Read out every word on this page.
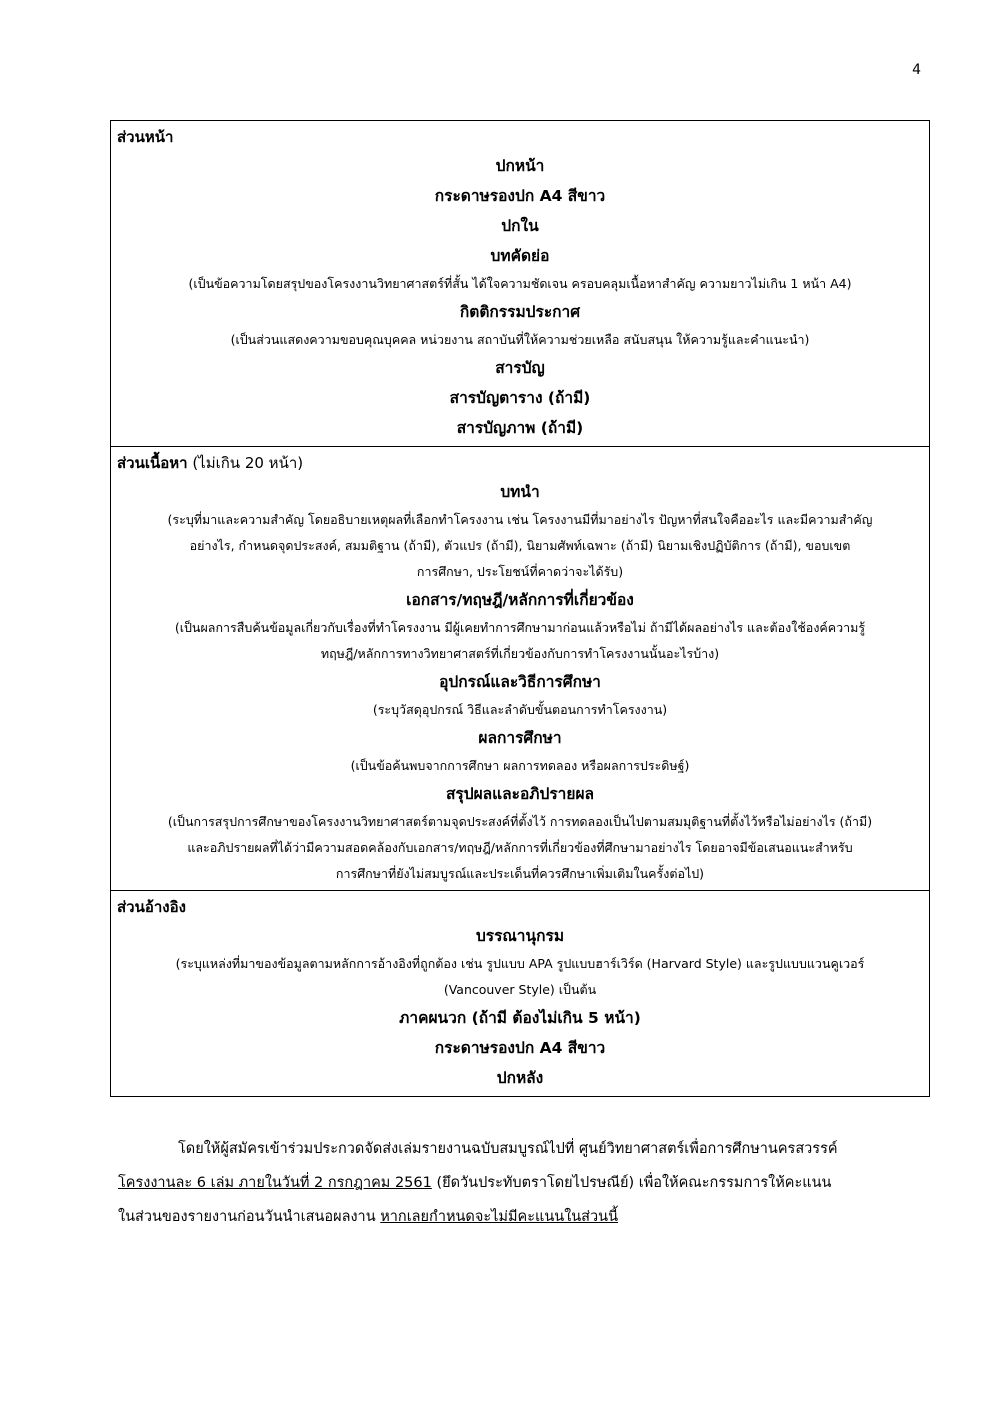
4
ส่วนหน้า
ปกหน้า
กระดาษรองปก A4 สีขาว
ปกใน
บทคัดย่อ
(เป็นข้อความโดยสรุปของโครงงานวิทยาศาสตร์ที่สั้น ได้ใจความชัดเจน ครอบคลุมเนื้อหาสำคัญ ความยาวไม่เกิน 1 หน้า A4)
กิตติกรรมประกาศ
(เป็นส่วนแสดงความขอบคุณบุคคล หน่วยงาน สถาบันที่ให้ความช่วยเหลือ สนับสนุน ให้ความรู้และคำแนะนำ)
สารบัญ
สารบัญตาราง (ถ้ามี)
สารบัญภาพ (ถ้ามี)
ส่วนเนื้อหา (ไม่เกิน 20 หน้า)
บทนำ
(ระบุที่มาและความสำคัญ โดยอธิบายเหตุผลที่เลือกทำโครงงาน เช่น โครงงานมีที่มาอย่างไร ปัญหาที่สนใจคืออะไร และมีความสำคัญ
อย่างไร, กำหนดจุดประสงค์, สมมติฐาน (ถ้ามี), ตัวแปร (ถ้ามี), นิยามศัพท์เฉพาะ (ถ้ามี) นิยามเชิงปฏิบัติการ (ถ้ามี), ขอบเขต
การศึกษา, ประโยชน์ที่คาดว่าจะได้รับ)
เอกสาร/ทฤษฎี/หลักการที่เกี่ยวข้อง
(เป็นผลการสืบค้นข้อมูลเกี่ยวกับเรื่องที่ทำโครงงาน มีผู้เคยทำการศึกษามาก่อนแล้วหรือไม่ ถ้ามีได้ผลอย่างไร และต้องใช้องค์ความรู้
ทฤษฎี/หลักการทางวิทยาศาสตร์ที่เกี่ยวข้องกับการทำโครงงานนั้นอะไรบ้าง)
อุปกรณ์และวิธีการศึกษา
(ระบุวัสดุอุปกรณ์ วิธีและลำดับขั้นตอนการทำโครงงาน)
ผลการศึกษา
(เป็นข้อค้นพบจากการศึกษา ผลการทดลอง หรือผลการประดิษฐ์)
สรุปผลและอภิปรายผล
(เป็นการสรุปการศึกษาของโครงงานวิทยาศาสตร์ตามจุดประสงค์ที่ตั้งไว้ การทดลองเป็นไปตามสมมุติฐานที่ตั้งไว้หรือไม่อย่างไร (ถ้ามี)
และอภิปรายผลที่ได้ว่ามีความสอดคล้องกับเอกสาร/ทฤษฎี/หลักการที่เกี่ยวข้องที่ศึกษามาอย่างไร โดยอาจมีข้อเสนอแนะสำหรับ
การศึกษาที่ยังไม่สมบูรณ์และประเด็นที่ควรศึกษาเพิ่มเติมในครั้งต่อไป)
ส่วนอ้างอิง
บรรณานุกรม
(ระบุแหล่งที่มาของข้อมูลตามหลักการอ้างอิงที่ถูกต้อง เช่น รูปแบบ APA รูปแบบฮาร์เวิร์ด (Harvard Style) และรูปแบบแวนคูเวอร์
(Vancouver Style) เป็นต้น
ภาคผนวก (ถ้ามี ต้องไม่เกิน 5 หน้า)
กระดาษรองปก A4 สีขาว
ปกหลัง

โดยให้ผู้สมัครเข้าร่วมประกวดจัดส่งเล่มรายงานฉบับสมบูรณ์ไปที่ ศูนย์วิทยาศาสตร์เพื่อการศึกษานครสวรรค์

โครงงานละ 6 เล่ม ภายในวันที่ 2 กรกฎาคม 2561 (ยึดวันประทับตราโดยไปรษณีย์) เพื่อให้คณะกรรมการให้คะแนน

ในส่วนของรายงานก่อนวันนำเสนอผลงาน หากเลยกำหนดจะไม่มีคะแนนในส่วนนี้
